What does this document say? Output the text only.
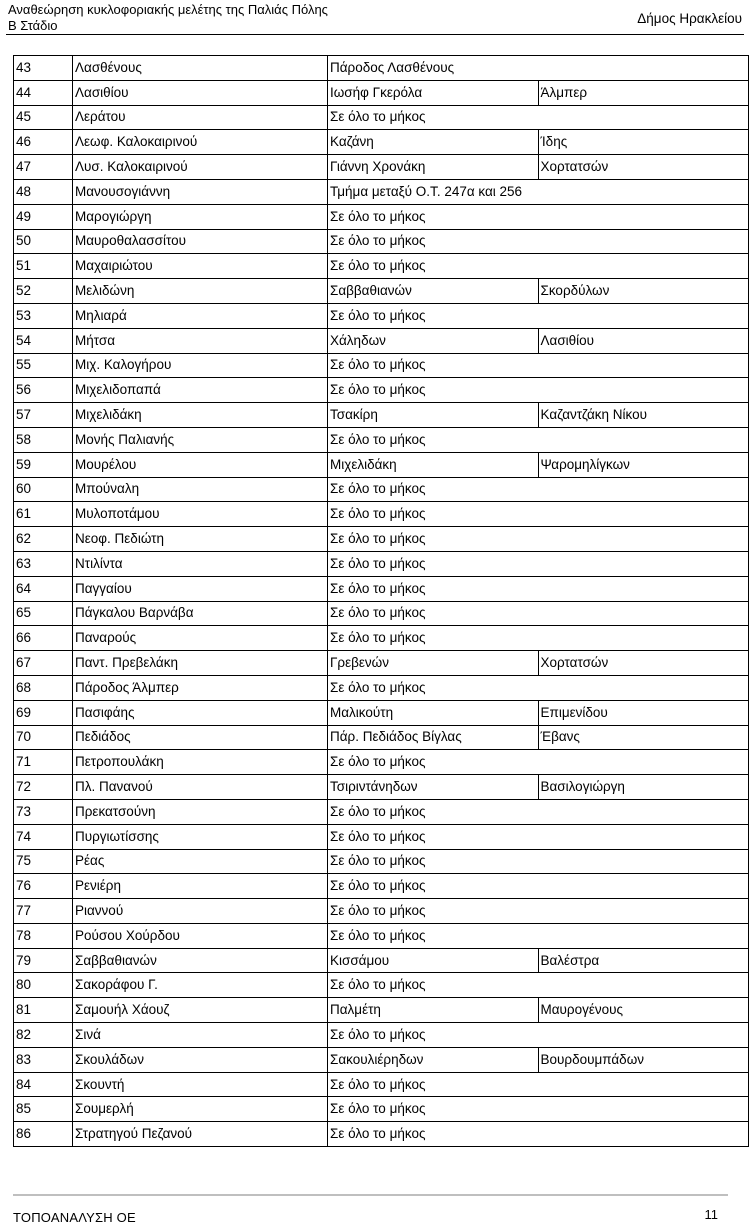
Αναθεώρηση κυκλοφοριακής μελέτης της Παλιάς Πόλης
Β Στάδιο	Δήμος Ηρακλείου
43	Λασθένους	Πάροδος Λασθένους	
44	Λασιθίου	Ιωσήφ Γκερόλα	Άλμπερ
45	Λεράτου	Σε όλο το μήκος	
46	Λεωφ. Καλοκαιρινού	Καζάνη	Ίδης
47	Λυσ. Καλοκαιρινού	Γιάννη Χρονάκη	Χορτατσών
48	Μανουσογιάννη	Τμήμα μεταξύ Ο.Τ. 247α και 256	
49	Μαρογιώργη	Σε όλο το μήκος	
50	Μαυροθαλασσίτου	Σε όλο το μήκος	
51	Μαχαιριώτου	Σε όλο το μήκος	
52	Μελιδώνη	Σαββαθιανών	Σκορδύλων
53	Μηλιαρά	Σε όλο το μήκος	
54	Μήτσα	Χάληδων	Λασιθίου
55	Μιχ. Καλογήρου	Σε όλο το μήκος	
56	Μιχελιδοπαπά	Σε όλο το μήκος	
57	Μιχελιδάκη	Τσακίρη	Καζαντζάκη Νίκου
58	Μονής Παλιανής	Σε όλο το μήκος	
59	Μουρέλου	Μιχελιδάκη	Ψαρομηλίγκων
60	Μπούναλη	Σε όλο το μήκος	
61	Μυλοποτάμου	Σε όλο το μήκος	
62	Νεοφ. Πεδιώτη	Σε όλο το μήκος	
63	Ντιλίντα	Σε όλο το μήκος	
64	Παγγαίου	Σε όλο το μήκος	
65	Πάγκαλου Βαρνάβα	Σε όλο το μήκος	
66	Παναρούς	Σε όλο το μήκος	
67	Παντ. Πρεβελάκη	Γρεβενών	Χορτατσών
68	Πάροδος Άλμπερ	Σε όλο το μήκος	
69	Πασιφάης	Μαλικούτη	Επιμενίδου
70	Πεδιάδος	Πάρ. Πεδιάδος Βίγλας	Έβανς
71	Πετροπουλάκη	Σε όλο το μήκος	
72	Πλ. Πανανού	Τσιριντάνηδων	Βασιλογιώργη
73	Πρεκατσούνη	Σε όλο το μήκος	
74	Πυργιωτίσσης	Σε όλο το μήκος	
75	Ρέας	Σε όλο το μήκος	
76	Ρενιέρη	Σε όλο το μήκος	
77	Ριαννού	Σε όλο το μήκος	
78	Ρούσου Χούρδου	Σε όλο το μήκος	
79	Σαββαθιανών	Κισσάμου	Βαλέστρα
80	Σακοράφου Γ.	Σε όλο το μήκος	
81	Σαμουήλ Χάουζ	Παλμέτη	Μαυρογένους
82	Σινά	Σε όλο το μήκος	
83	Σκουλάδων	Σακουλιέρηδων	Βουρδουμπάδων
84	Σκουντή	Σε όλο το μήκος	
85	Σουμερλή	Σε όλο το μήκος	
86	Στρατηγού Πεζανού	Σε όλο το μήκος	
ΤΟΠΟΑΝΑΛΥΣΗ ΟΕ	11
